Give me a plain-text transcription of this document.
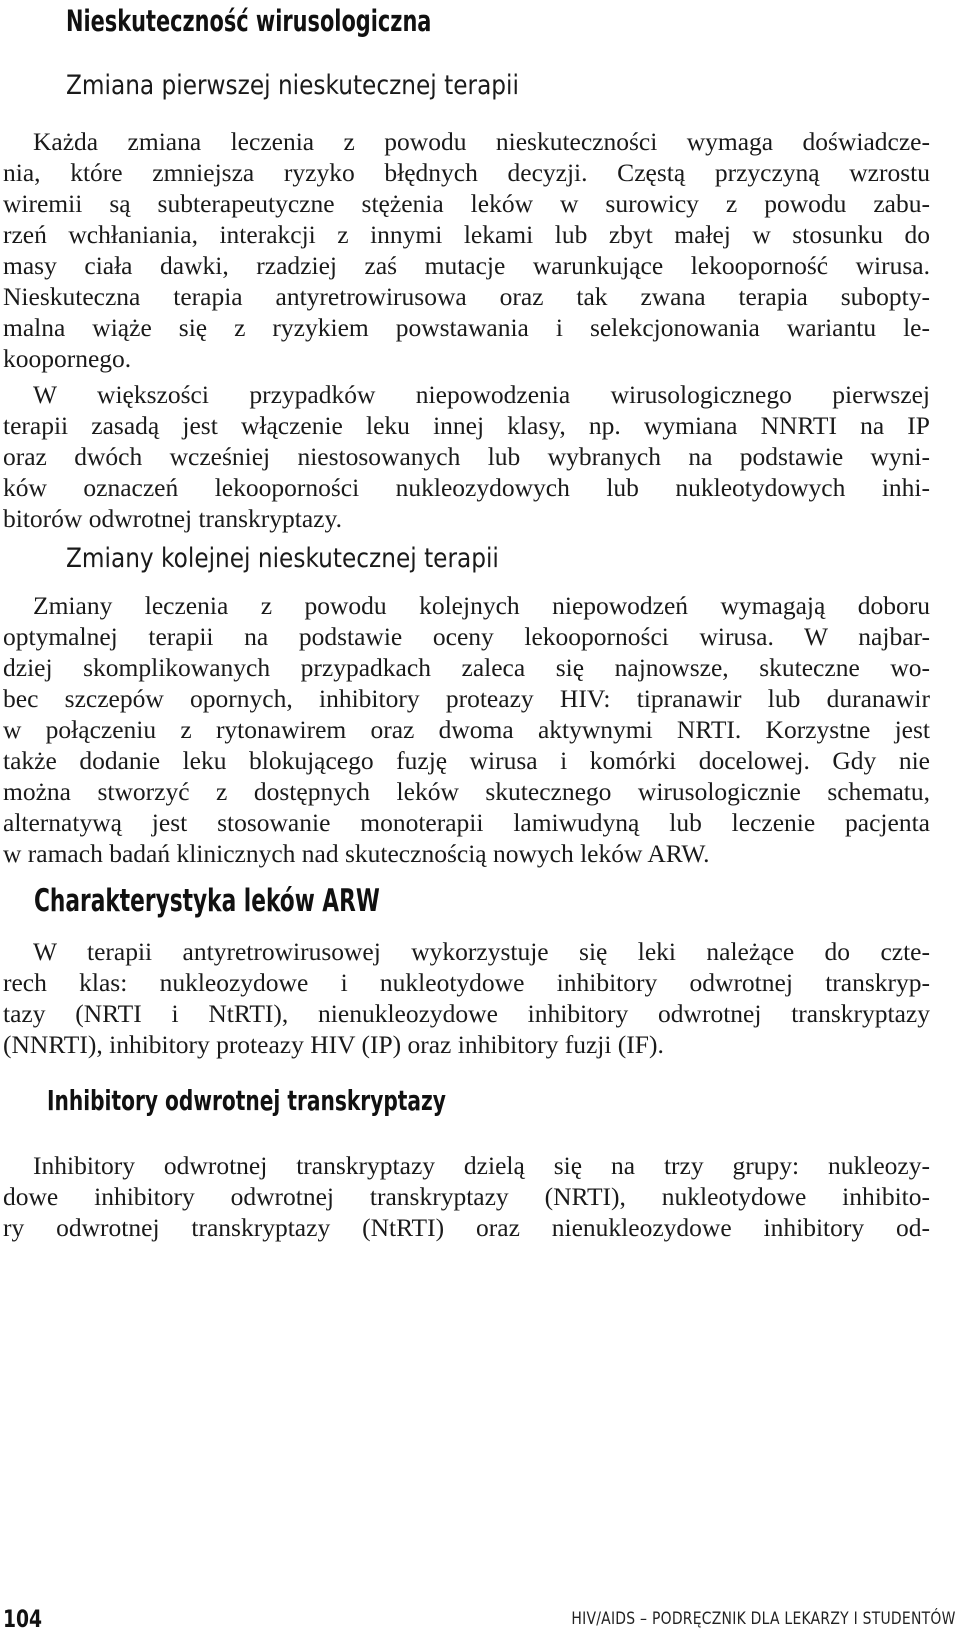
Nieskuteczność wirusologiczna
Zmiana pierwszej nieskutecznej terapii
Każda zmiana leczenia z powodu nieskuteczności wymaga doświadcze-
nia, które zmniejsza ryzyko błędnych decyzji. Częstą przyczyną wzrostu
wiremii są subterapeutyczne stężenia leków w surowicy z powodu zabu-
rzeń wchłaniania, interakcji z innymi lekami lub zbyt małej w stosunku do
masy ciała dawki, rzadziej zaś mutacje warunkujące lekooporność wirusa.
Nieskuteczna terapia antyretrowirusowa oraz tak zwana terapia suboptу-
malna wiąże się z ryzykiem powstawania i selekcjonowania wariantu le-
koopornego.
W większości przypadków niepowodzenia wirusologicznego pierwszej
terapii zasadą jest włączenie leku innej klasy, np. wymiana NNRTI na IP
oraz dwóch wcześniej niestosowanych lub wybranych na podstawie wyni-
ków oznaczeń lekooporności nukleozydowych lub nukleotydowych inhi-
bitorów odwrotnej transkryptazy.
Zmiany kolejnej nieskutecznej terapii
Zmiany leczenia z powodu kolejnych niepowodzeń wymagają doboru
optymalnej terapii na podstawie oceny lekooporności wirusa. W najbar-
dziej skomplikowanych przypadkach zaleca się najnowsze, skuteczne wo-
bec szczepów opornych, inhibitory proteazy HIV: tipranawir lub duranawir
w połączeniu z rytonawirem oraz dwoma aktywnymi NRTI. Korzystne jest
także dodanie leku blokującego fuzję wirusa i komórki docelowej. Gdy nie
można stworzyć z dostępnych leków skutecznego wirusologicznie schematu,
alternatywą jest stosowanie monoterapii lamiwudyną lub leczenie pacjenta
w ramach badań klinicznych nad skutecznością nowych leków ARW.
Charakterystyka leków ARW
W terapii antyretrowirusowej wykorzystuje się leki należące do czte-
rech klas: nukleozydowe i nukleotydowe inhibitory odwrotnej transkryp-
tazy (NRTI i NtRTI), nienukleozydowe inhibitory odwrotnej transkryptazy
(NNRTI), inhibitory proteazy HIV (IP) oraz inhibitory fuzji (IF).
Inhibitory odwrotnej transkryptazy
Inhibitory odwrotnej transkryptazy dzielą się na trzy grupy: nukleozy-
dowe inhibitory odwrotnej transkryptazy (NRTI), nukleotydowe inhibito-
ry odwrotnej transkryptazy (NtRTI) oraz nienukleozydowe inhibitory od-
104	HIV/AIDS – PODRĘCZNIK DLA LEKARZY I STUDENTÓW
